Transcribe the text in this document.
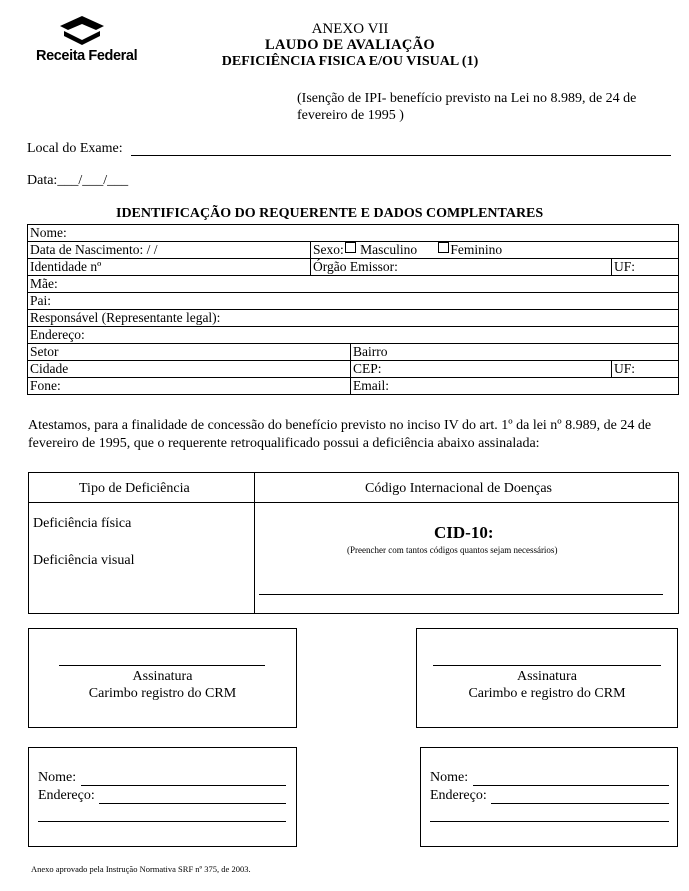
Receita Federal
ANEXO VII
LAUDO DE AVALIAÇÃO
DEFICIÊNCIA FISICA E/OU VISUAL (1)
(Isenção de IPI- benefício previsto na Lei no 8.989, de 24 de fevereiro de 1995 )
Local do Exame:
Data:___/___/___
IDENTIFICAÇÃO DO REQUERENTE E DADOS COMPLENTARES
Nome:			
Data de Nascimento: / /	Sexo: Masculino Feminino		
Identidade nº	Órgão Emissor:		UF:
Mãe:			
Pai:			
Responsável (Representante legal):			
Endereço:			
Setor		Bairro	
Cidade		CEP:	UF:
Fone:		Email:	
Atestamos, para a finalidade de concessão do benefício previsto no inciso IV do art. 1º da lei nº 8.989, de 24 de fevereiro de 1995, que o requerente retroqualificado possui a deficiência abaixo assinalada:
Tipo de Deficiência	Código Internacional de Doenças
Deficiência física
Deficiência visual
CID-10:
(Preencher com tantos códigos quantos sejam necessários)
Assinatura
Carimbo registro do CRM
Assinatura
Carimbo e registro do CRM
Nome:
Endereço:
Nome:
Endereço:
Anexo aprovado pela Instrução Normativa SRF nº 375, de 2003.
